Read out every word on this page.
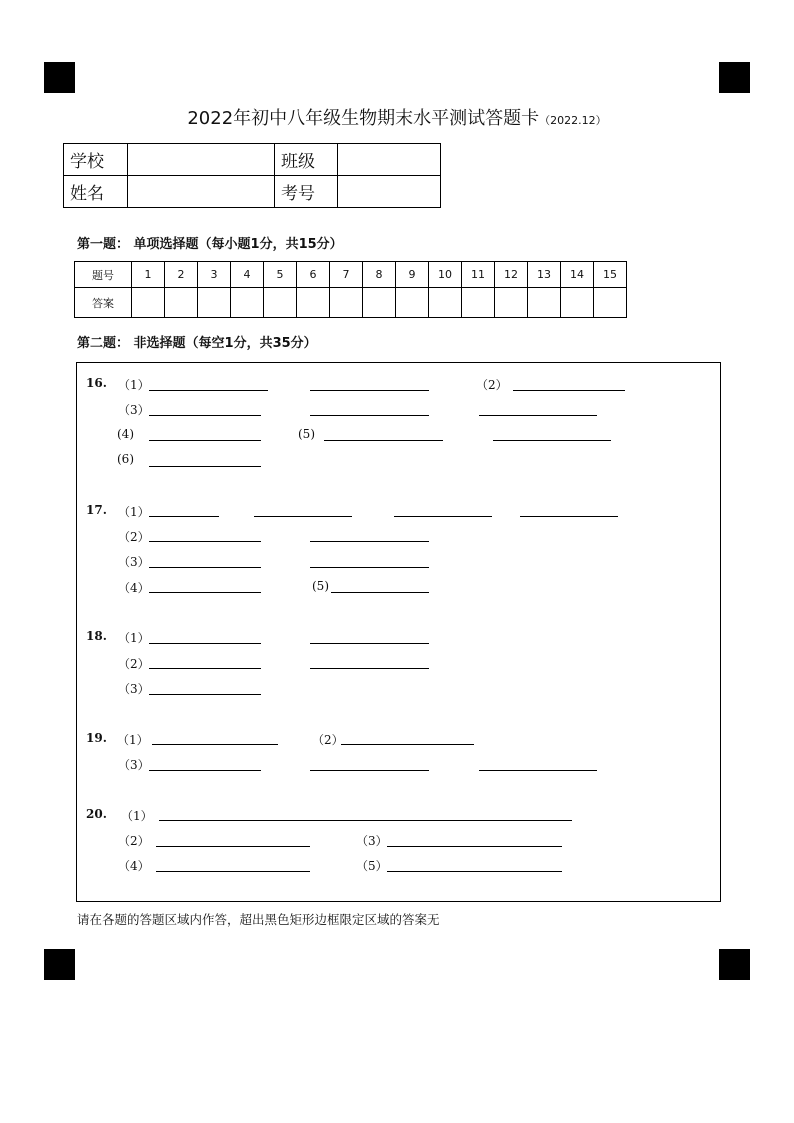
2022年初中八年级生物期末水平测试答题卡（2022.12）
学校		班级	
姓名		考号	
第一题： 单项选择题（每小题1分，共15分）
题号	1	2	3	4	5	6	7	8	9	10	11	12	13	14	15
答案															
第二题： 非选择题（每空1分，共35分）
16. （1）	（2）
（3）
(4)	(5)
(6)
17. （1）
（2）
（3）
（4）	(5)
18. （1）
（2）
（3）
19. （1）	（2）
（3）
20. （1）
（2）	（3）
（4）	（5）
请在各题的答题区域内作答，超出黑色矩形边框限定区域的答案无
